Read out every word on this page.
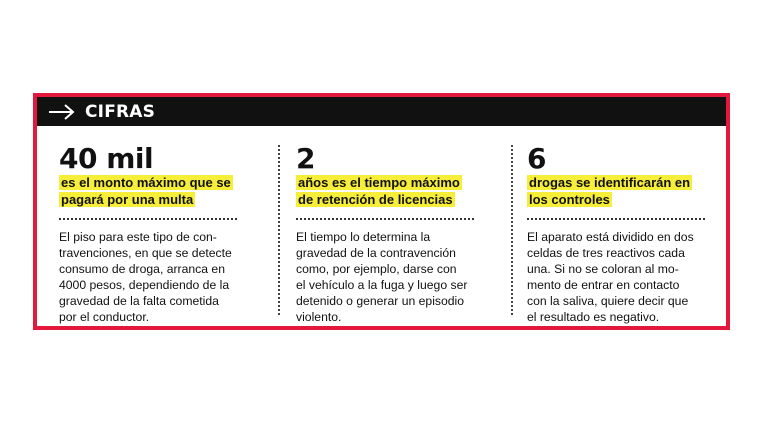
CIFRAS
40 mil
es el monto máximo que se
pagará por una multa
El piso para este tipo de con-
travenciones, en que se detecte
consumo de droga, arranca en
4000 pesos, dependiendo de la
gravedad de la falta cometida
por el conductor.
2
años es el tiempo máximo
de retención de licencias
El tiempo lo determina la
gravedad de la contravención
como, por ejemplo, darse con
el vehículo a la fuga y luego ser
detenido o generar un episodio
violento.
6
drogas se identificarán en
los controles
El aparato está dividido en dos
celdas de tres reactivos cada
una. Si no se coloran al mo-
mento de entrar en contacto
con la saliva, quiere decir que
el resultado es negativo.
